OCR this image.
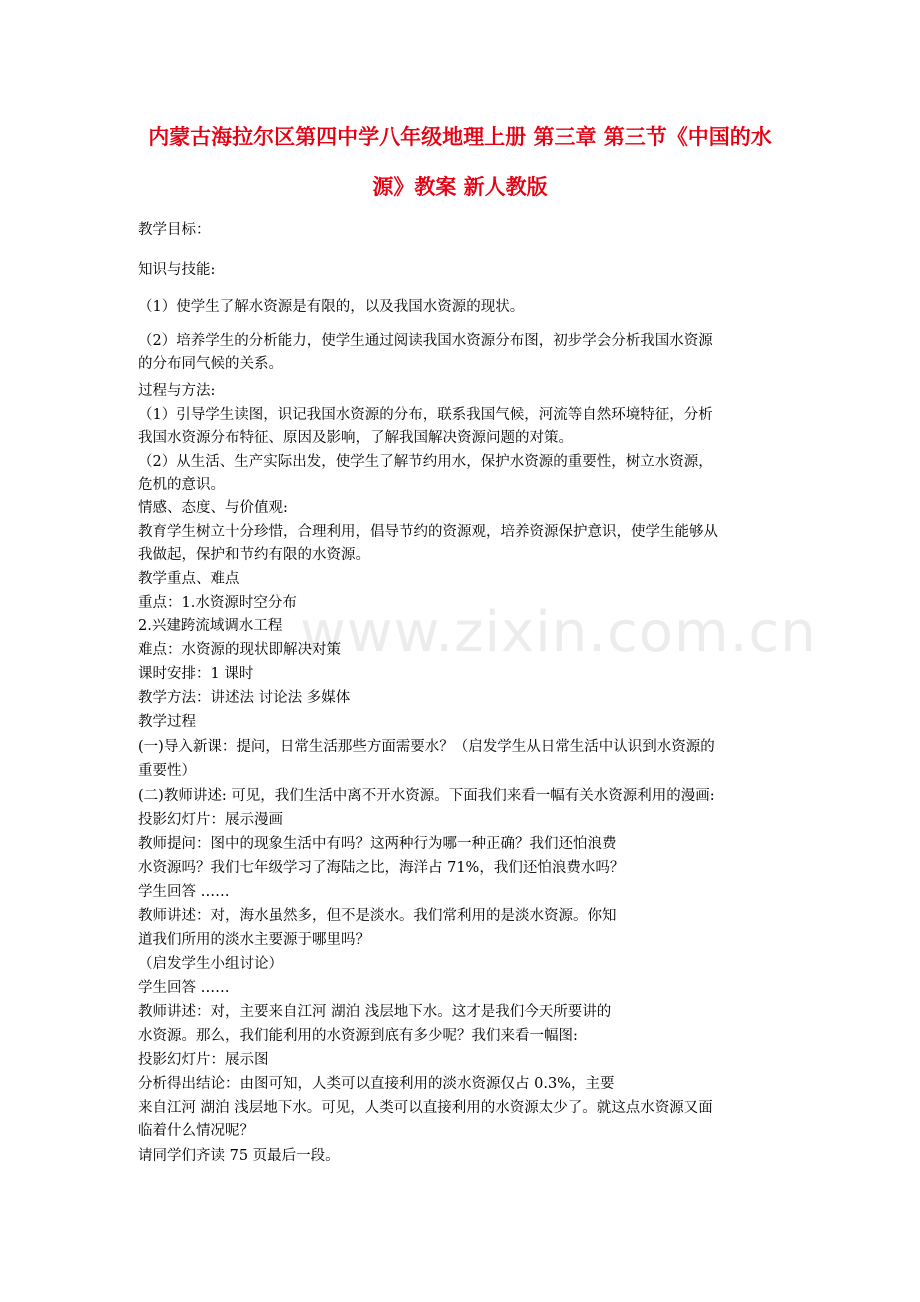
内蒙古海拉尔区第四中学八年级地理上册 第三章 第三节《中国的水
源》教案 新人教版
www.zixin.com.cn
教学目标：
知识与技能:
（1）使学生了解水资源是有限的，以及我国水资源的现状。
（2）培养学生的分析能力，使学生通过阅读我国水资源分布图，初步学会分析我国水资源
的分布同气候的关系。
过程与方法:
（1）引导学生读图，识记我国水资源的分布，联系我国气候，河流等自然环境特征，分析
我国水资源分布特征、原因及影响，了解我国解决资源问题的对策。
（2）从生活、生产实际出发，使学生了解节约用水，保护水资源的重要性，树立水资源，
危机的意识。
情感、态度、与价值观:
教育学生树立十分珍惜，合理利用，倡导节约的资源观，培养资源保护意识，使学生能够从
我做起，保护和节约有限的水资源。
教学重点、难点
重点：1.水资源时空分布
2.兴建跨流域调水工程
难点：水资源的现状即解决对策
课时安排：1 课时
教学方法：讲述法 讨论法 多媒体
教学过程
(一)导入新课：提问，日常生活那些方面需要水？（启发学生从日常生活中认识到水资源的
重要性）
(二)教师讲述: 可见，我们生活中离不开水资源。下面我们来看一幅有关水资源利用的漫画:
投影幻灯片：展示漫画
教师提问：图中的现象生活中有吗？这两种行为哪一种正确？我们还怕浪费
水资源吗？我们七年级学习了海陆之比，海洋占 71%，我们还怕浪费水吗？
学生回答 ……
教师讲述：对，海水虽然多，但不是淡水。我们常利用的是淡水资源。你知
道我们所用的淡水主要源于哪里吗？
（启发学生小组讨论）
学生回答 ……
教师讲述：对，主要来自江河 湖泊 浅层地下水。这才是我们今天所要讲的
水资源。那么，我们能利用的水资源到底有多少呢？我们来看一幅图:
投影幻灯片：展示图
分析得出结论：由图可知，人类可以直接利用的淡水资源仅占 0.3%，主要
来自江河 湖泊 浅层地下水。可见，人类可以直接利用的水资源太少了。就这点水资源又面
临着什么情况呢？
请同学们齐读 75 页最后一段。
